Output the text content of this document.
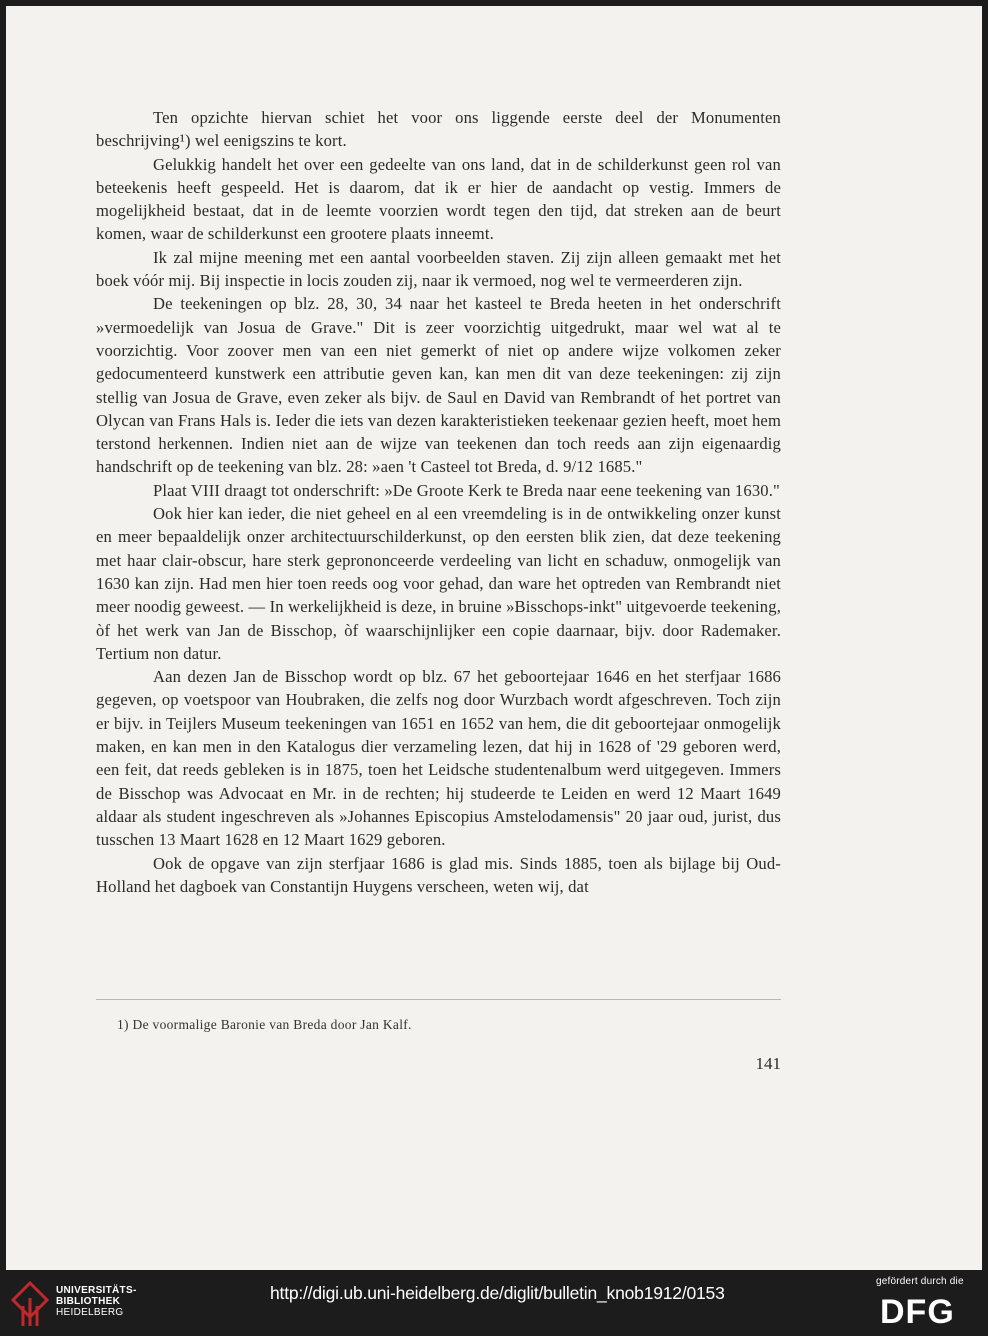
Ten opzichte hiervan schiet het voor ons liggende eerste deel der Monumenten beschrijving¹) wel eenigszins te kort.

Gelukkig handelt het over een gedeelte van ons land, dat in de schilderkunst geen rol van beteekenis heeft gespeeld. Het is daarom, dat ik er hier de aandacht op vestig. Immers de mogelijkheid bestaat, dat in de leemte voorzien wordt tegen den tijd, dat streken aan de beurt komen, waar de schilderkunst een grootere plaats inneemt.

Ik zal mijne meening met een aantal voorbeelden staven. Zij zijn alleen gemaakt met het boek vóór mij. Bij inspectie in locis zouden zij, naar ik vermoed, nog wel te vermeerderen zijn.

De teekeningen op blz. 28, 30, 34 naar het kasteel te Breda heeten in het onderschrift »vermoedelijk van Josua de Grave." Dit is zeer voorzichtig uitgedrukt, maar wel wat al te voorzichtig. Voor zoover men van een niet gemerkt of niet op andere wijze volkomen zeker gedocumenteerd kunstwerk een attributie geven kan, kan men dit van deze teekeningen: zij zijn stellig van Josua de Grave, even zeker als bijv. de Saul en David van Rembrandt of het portret van Olycan van Frans Hals is. Ieder die iets van dezen karakteristieken teekenaar gezien heeft, moet hem terstond herkennen. Indien niet aan de wijze van teekenen dan toch reeds aan zijn eigenaardig handschrift op de teekening van blz. 28: »aen 't Casteel tot Breda, d. 9/12 1685."

Plaat VIII draagt tot onderschrift: »De Groote Kerk te Breda naar eene teekening van 1630."

Ook hier kan ieder, die niet geheel en al een vreemdeling is in de ontwikkeling onzer kunst en meer bepaaldelijk onzer architectuurschilderkunst, op den eersten blik zien, dat deze teekening met haar clair-obscur, hare sterk geprononceerde verdeeling van licht en schaduw, onmogelijk van 1630 kan zijn. Had men hier toen reeds oog voor gehad, dan ware het optreden van Rembrandt niet meer noodig geweest. — In werkelijkheid is deze, in bruine »Bisschops-inkt" uitgevoerde teekening, òf het werk van Jan de Bisschop, òf waarschijnlijker een copie daarnaar, bijv. door Rademaker. Tertium non datur.

Aan dezen Jan de Bisschop wordt op blz. 67 het geboortejaar 1646 en het sterfjaar 1686 gegeven, op voetspoor van Houbraken, die zelfs nog door Wurzbach wordt afgeschreven. Toch zijn er bijv. in Teijlers Museum teekeningen van 1651 en 1652 van hem, die dit geboortejaar onmogelijk maken, en kan men in den Katalogus dier verzameling lezen, dat hij in 1628 of '29 geboren werd, een feit, dat reeds gebleken is in 1875, toen het Leidsche studentenalbum werd uitgegeven. Immers de Bisschop was Advocaat en Mr. in de rechten; hij studeerde te Leiden en werd 12 Maart 1649 aldaar als student ingeschreven als »Johannes Episcopius Amstelodamensis" 20 jaar oud, jurist, dus tusschen 13 Maart 1628 en 12 Maart 1629 geboren.

Ook de opgave van zijn sterfjaar 1686 is glad mis. Sinds 1885, toen als bijlage bij Oud-Holland het dagboek van Constantijn Huygens verscheen, weten wij, dat

1) De voormalige Baronie van Breda door Jan Kalf.
141
UNIVERSITÄTS-
BIBLIOTHEK
HEIDELBERG
http://digi.ub.uni-heidelberg.de/diglit/bulletin_knob1912/0153
gefördert durch die
DFG
